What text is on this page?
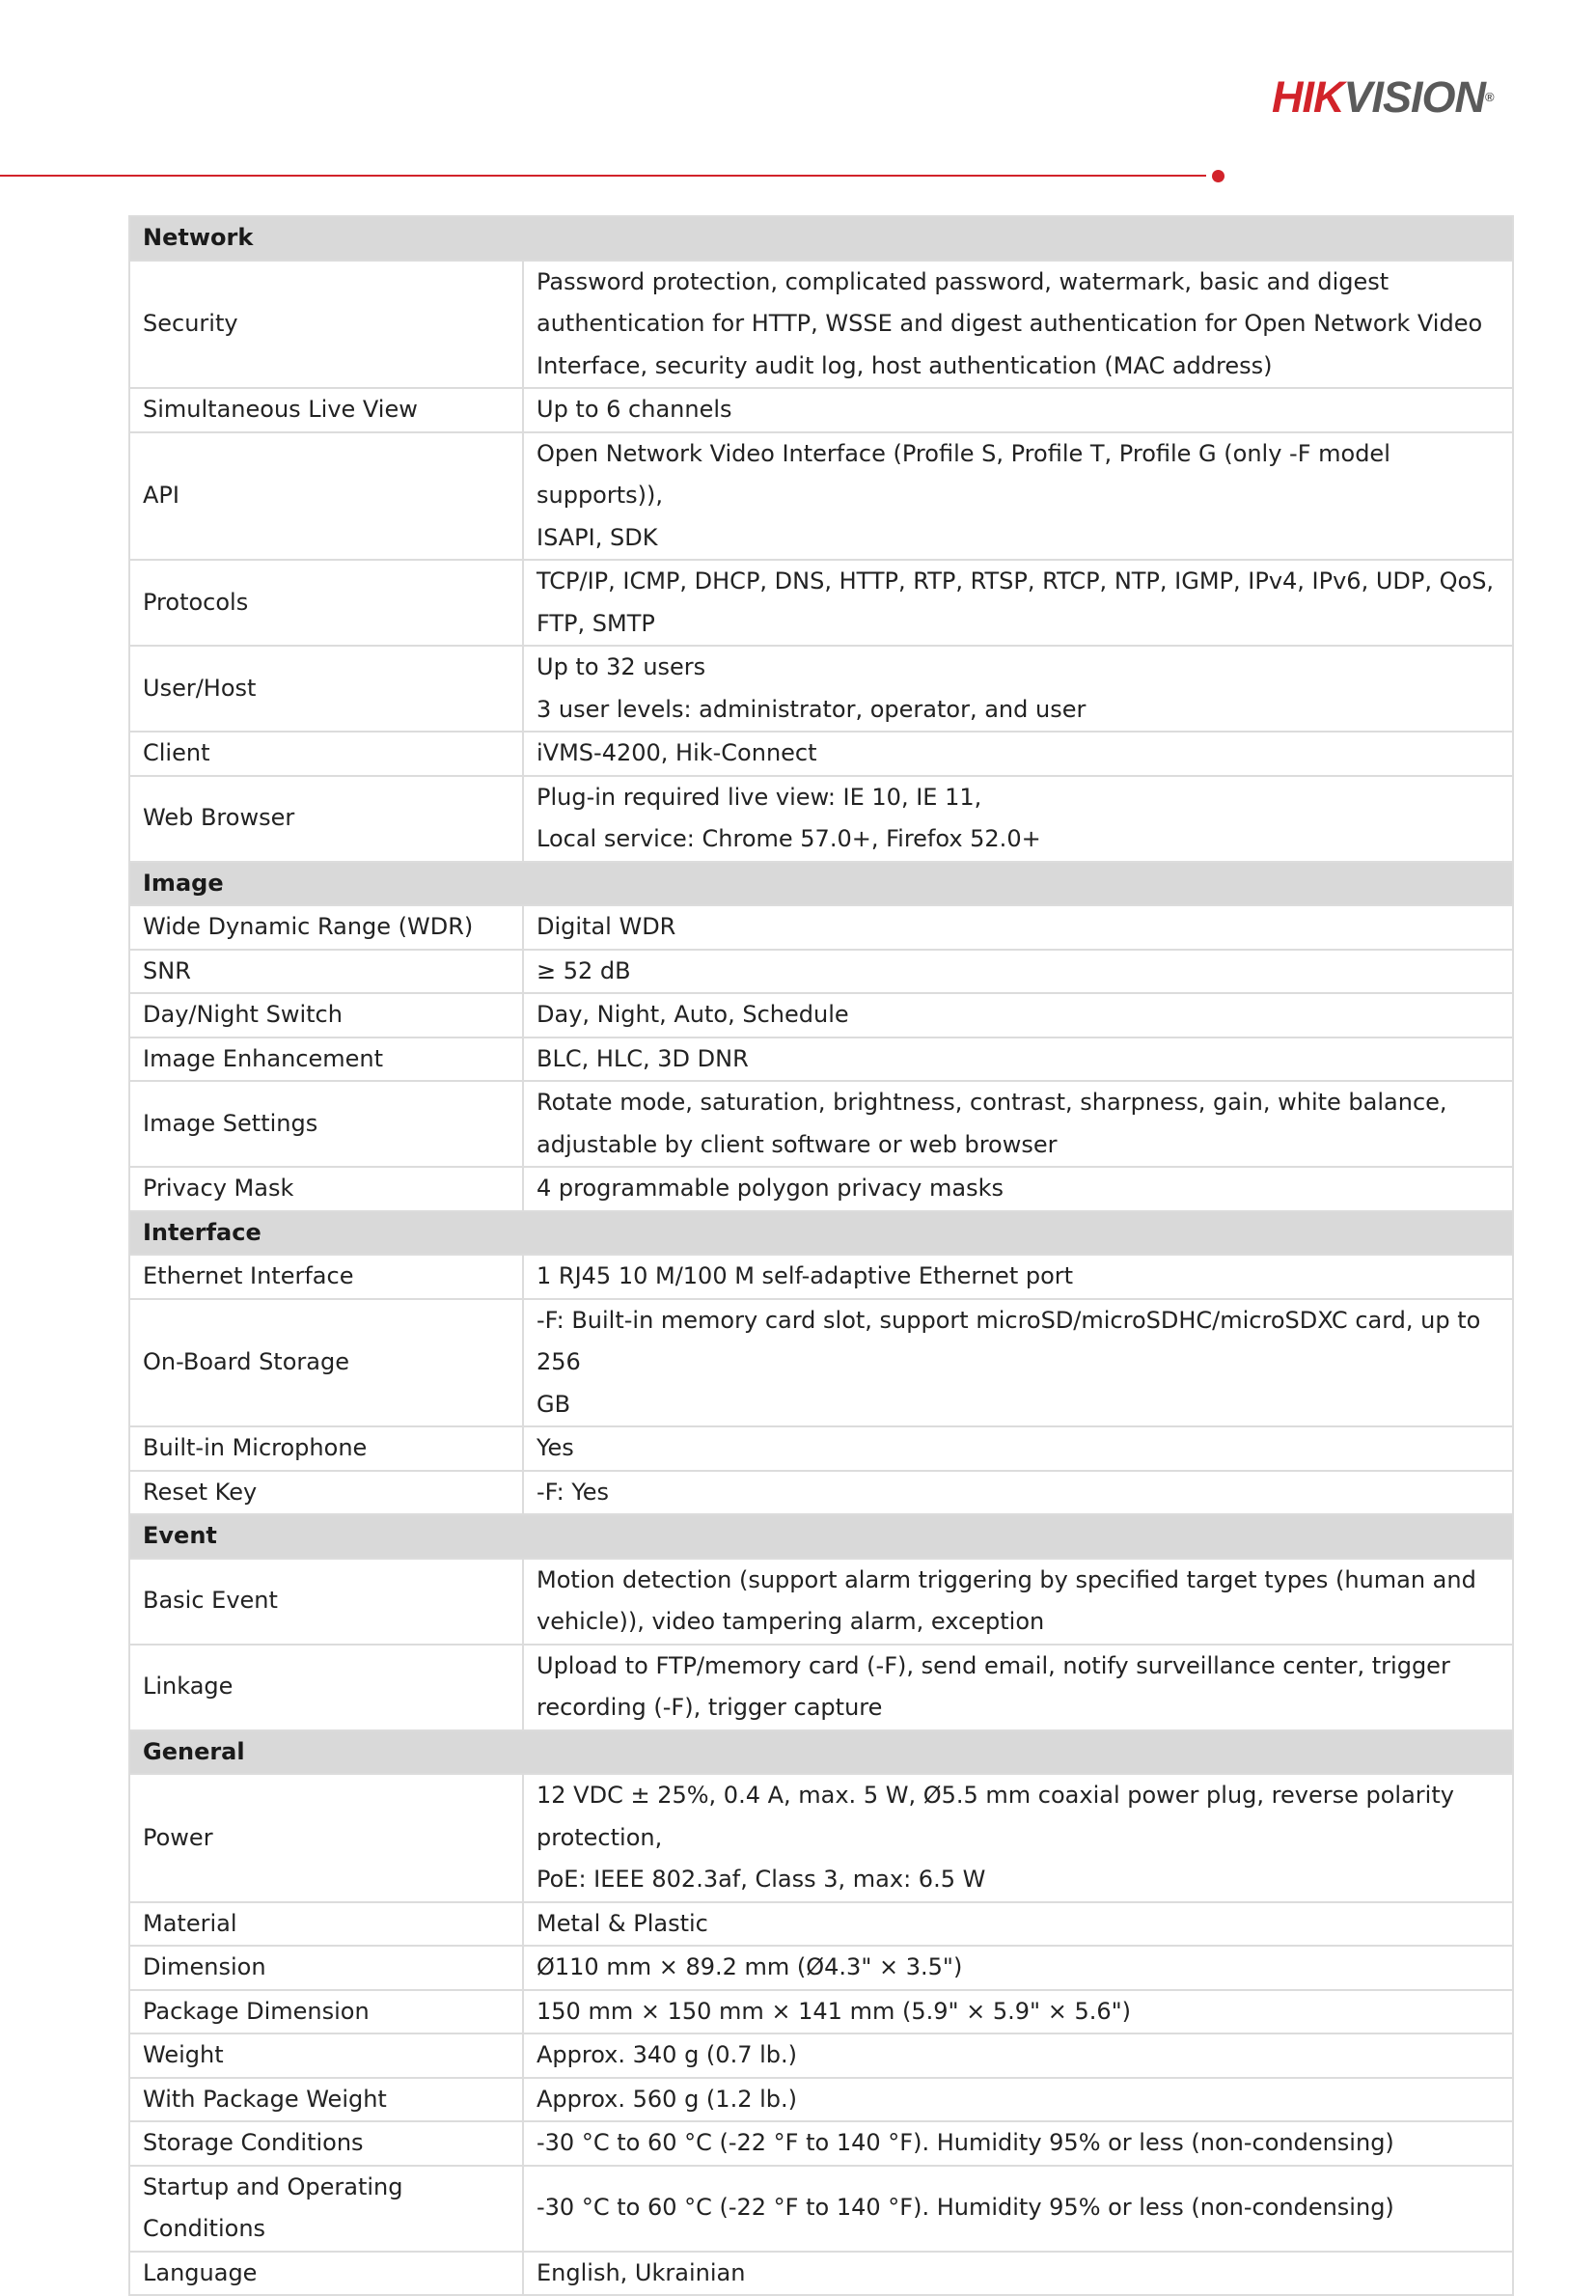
HIKVISION®
Network	
Security	Password protection, complicated password, watermark, basic and digest
authentication for HTTP, WSSE and digest authentication for Open Network Video
Interface, security audit log, host authentication (MAC address)

Simultaneous Live View	Up to 6 channels

API	Open Network Video Interface (Profile S, Profile T, Profile G (only -F model supports)),
ISAPI, SDK

Protocols	TCP/IP, ICMP, DHCP, DNS, HTTP, RTP, RTSP, RTCP, NTP, IGMP, IPv4, IPv6, UDP, QoS,
FTP, SMTP

User/Host	Up to 32 users
3 user levels: administrator, operator, and user

Client	iVMS-4200, Hik-Connect

Web Browser	Plug-in required live view: IE 10, IE 11,
Local service: Chrome 57.0+, Firefox 52.0+

Image	
Wide Dynamic Range (WDR)	Digital WDR

SNR	≥ 52 dB

Day/Night Switch	Day, Night, Auto, Schedule

Image Enhancement	BLC, HLC, 3D DNR

Image Settings	Rotate mode, saturation, brightness, contrast, sharpness, gain, white balance,
adjustable by client software or web browser

Privacy Mask	4 programmable polygon privacy masks

Interface	
Ethernet Interface	1 RJ45 10 M/100 M self-adaptive Ethernet port

On-Board Storage	-F: Built-in memory card slot, support microSD/microSDHC/microSDXC card, up to 256
GB

Built-in Microphone	Yes

Reset Key	-F: Yes

Event	
Basic Event	Motion detection (support alarm triggering by specified target types (human and
vehicle)), video tampering alarm, exception

Linkage	Upload to FTP/memory card (-F), send email, notify surveillance center, trigger
recording (-F), trigger capture

General	
Power	12 VDC ± 25%, 0.4 A, max. 5 W, Ø5.5 mm coaxial power plug, reverse polarity
protection,
PoE: IEEE 802.3af, Class 3, max: 6.5 W

Material	Metal & Plastic

Dimension	Ø110 mm × 89.2 mm (Ø4.3" × 3.5")

Package Dimension	150 mm × 150 mm × 141 mm (5.9" × 5.9" × 5.6")

Weight	Approx. 340 g (0.7 lb.)

With Package Weight	Approx. 560 g (1.2 lb.)

Storage Conditions	-30 °C to 60 °C (-22 °F to 140 °F). Humidity 95% or less (non-condensing)

Startup and Operating
Conditions	-30 °C to 60 °C (-22 °F to 140 °F). Humidity 95% or less (non-condensing)

Language	English, Ukrainian
